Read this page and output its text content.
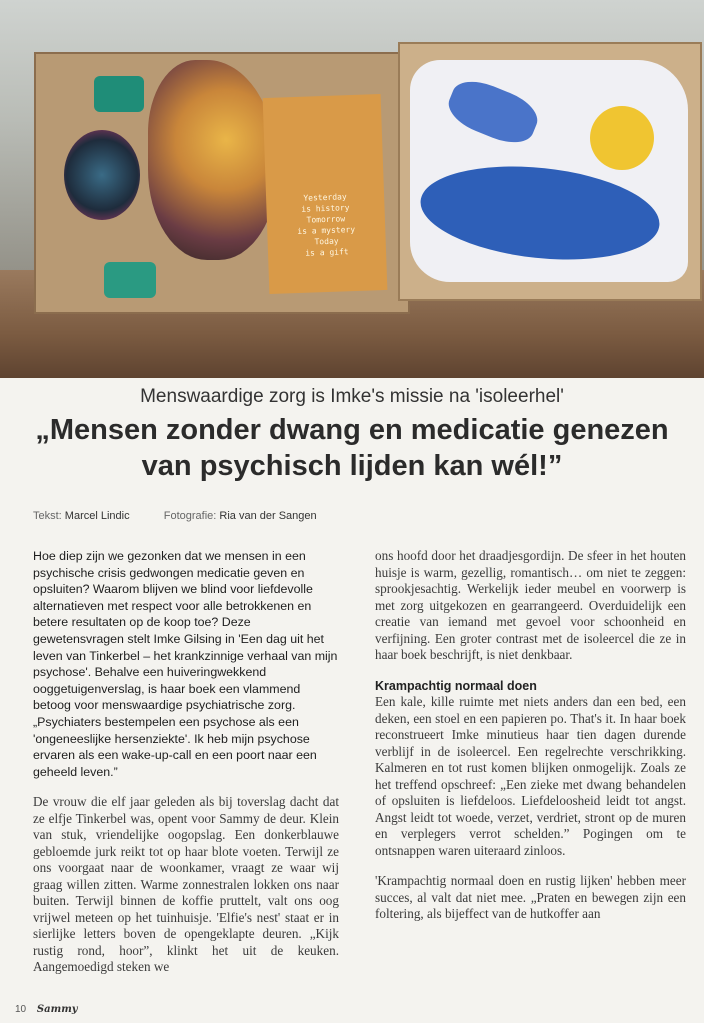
Yesterday
is history
Tomorrow
is a mystery
Today
is a gift
Menswaardige zorg is Imke's missie na 'isoleerhel'
„Mensen zonder dwang en medicatie genezen van psychisch lijden kan wél!”
Tekst: Marcel Lindic	Fotografie: Ria van der Sangen

Hoe diep zijn we gezonken dat we mensen in een psychische crisis gedwongen medicatie geven en opsluiten? Waarom blijven we blind voor liefdevolle alternatieven met respect voor alle betrokkenen en betere resultaten op de koop toe? Deze gewetensvragen stelt Imke Gilsing in 'Een dag uit het leven van Tinkerbel – het krankzinnige verhaal van mijn psychose'. Behalve een huiveringwekkend ooggetuigenverslag, is haar boek een vlammend betoog voor menswaardige psychiatrische zorg. „Psychiaters bestempelen een psychose als een 'ongeneeslijke hersenziekte'. Ik heb mijn psychose ervaren als een wake-up-call en een poort naar een geheeld leven.”

De vrouw die elf jaar geleden als bij toverslag dacht dat ze elfje Tinkerbel was, opent voor Sammy de deur. Klein van stuk, vriendelijke oogopslag. Een donkerblauwe gebloemde jurk reikt tot op haar blote voeten. Terwijl ze ons voorgaat naar de woonkamer, vraagt ze waar wij graag willen zitten. Warme zonnestralen lokken ons naar buiten. Terwijl binnen de koffie pruttelt, valt ons oog vrijwel meteen op het tuinhuisje. 'Elfie's nest' staat er in sierlijke letters boven de opengeklapte deuren. „Kijk rustig rond, hoor”, klinkt het uit de keuken. Aangemoedigd steken we

ons hoofd door het draadjesgordijn. De sfeer in het houten huisje is warm, gezellig, romantisch… om niet te zeggen: sprookjesachtig. Werkelijk ieder meubel en voorwerp is met zorg uitgekozen en gearrangeerd. Overduidelijk een creatie van iemand met gevoel voor schoonheid en verfijning. Een groter contrast met de isoleercel die ze in haar boek beschrijft, is niet denkbaar.

Krampachtig normaal doen

Een kale, kille ruimte met niets anders dan een bed, een deken, een stoel en een papieren po. That's it. In haar boek reconstrueert Imke minutieus haar tien dagen durende verblijf in de isoleercel. Een regelrechte verschrikking. Kalmeren en tot rust komen blijken onmogelijk. Zoals ze het treffend opschreef: „Een zieke met dwang behandelen of opsluiten is liefdeloos. Liefdeloosheid leidt tot angst. Angst leidt tot woede, verzet, verdriet, stront op de muren en verplegers verrot schelden.” Pogingen om te ontsnappen waren uiteraard zinloos.

'Krampachtig normaal doen en rustig lijken' hebben meer succes, al valt dat niet mee. „Praten en bewegen zijn een foltering, als bijeffect van de hutkoffer aan

10 Sammy
